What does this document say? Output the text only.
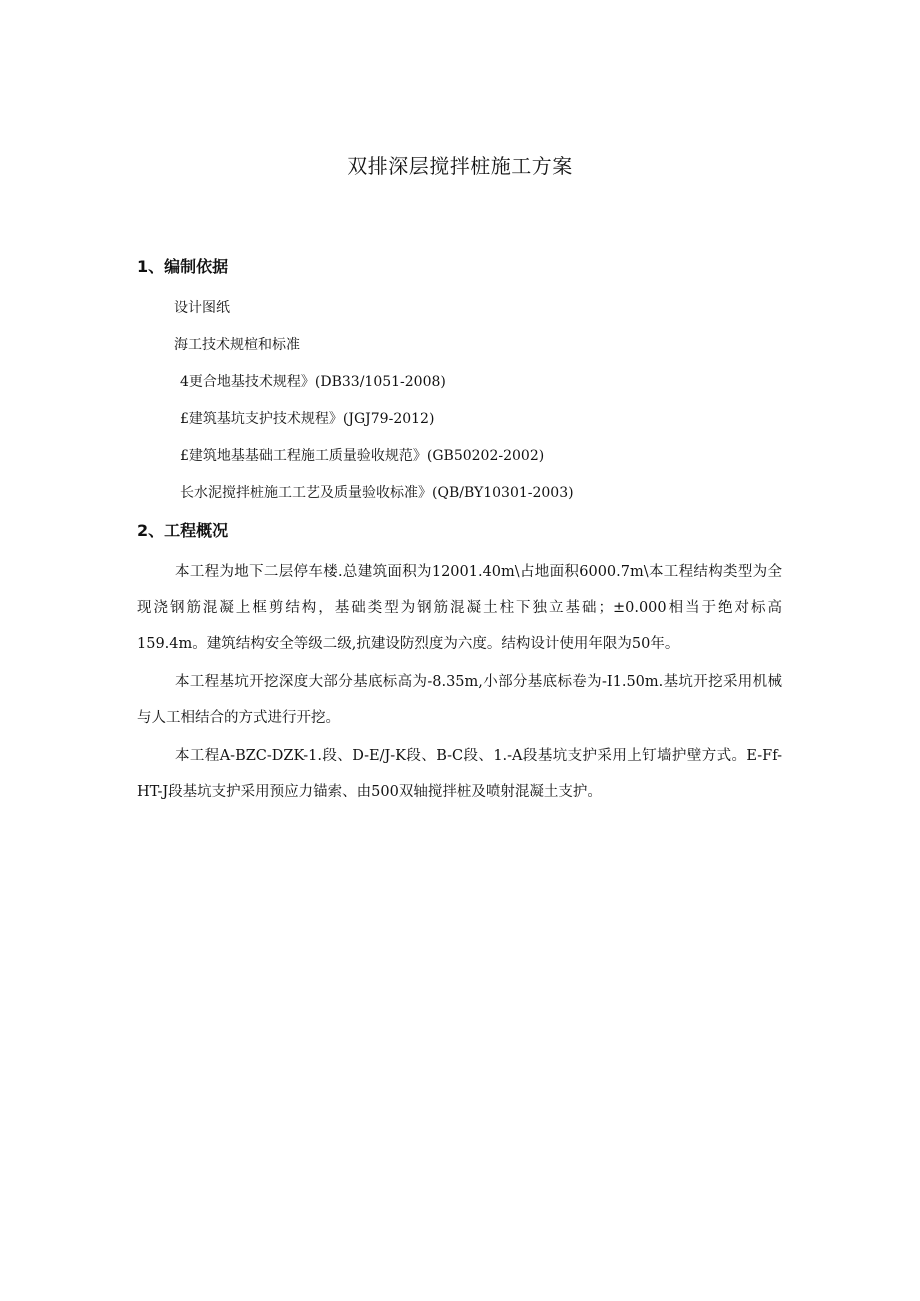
双排深层搅拌桩施工方案
1、编制依据
设计图纸
海工技术规楦和标准
4更合地基技术规程》(DB33/1051-2008)
£建筑基坑支护技术规程》(JGJ79-2012)
£建筑地基基础工程施工质量验收规范》(GB50202-2002)
长水泥搅拌桩施工工艺及质量验收标准》(QB/BY10301-2003)
2、工程概况

本工程为地下二层停车楼.总建筑面积为12001.40m\占地面积6000.7m\本工程结构类型为全现浇钢筋混凝上框剪结构，基础类型为钢筋混凝土柱下独立基础；±0.000相当于绝对标高159.4m。建筑结构安全等级二级,抗建设防烈度为六度。结构设计使用年限为50年。

本工程基坑开挖深度大部分基底标高为-8.35m,小部分基底标卷为-I1.50m.基坑开挖采用机械与人工相结合的方式进行开挖。

本工程A-BZC-DZK-1.段、D-E/J-K段、B-C段、1.-A段基坑支护采用上钉墙护壁方式。E-Ff-HT-J段基坑支护采用预应力锚索、由500双轴搅拌桩及喷射混凝土支护。
